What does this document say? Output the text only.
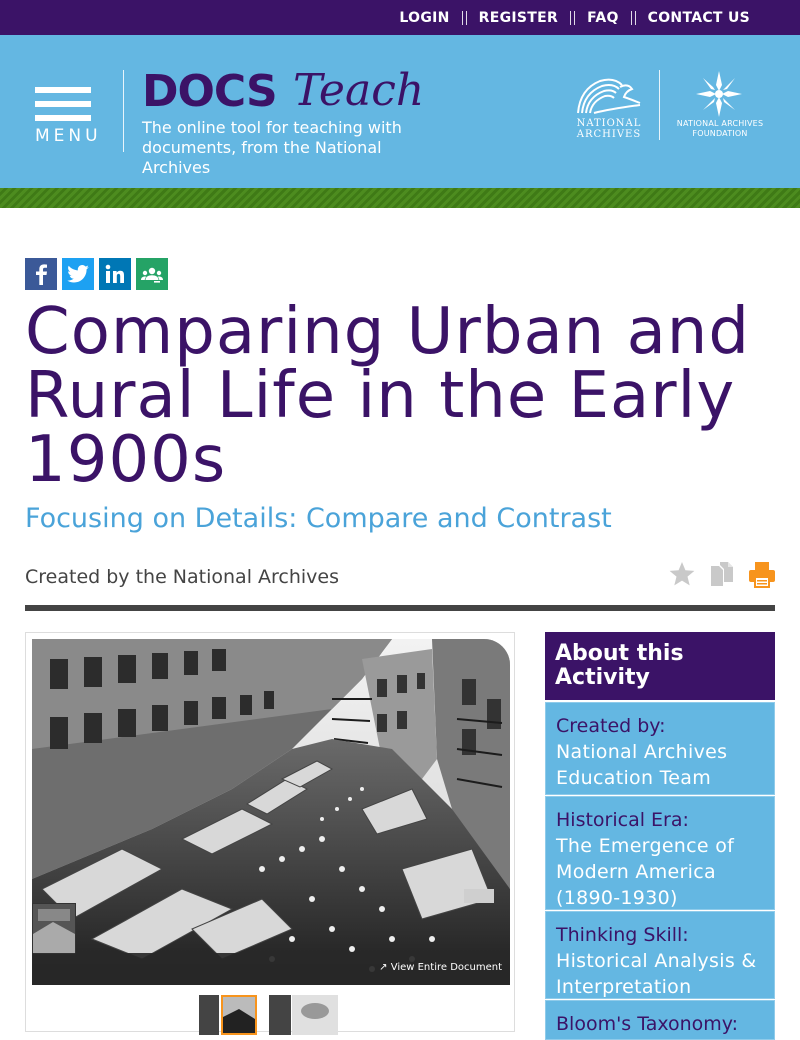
LOGIN REGISTER FAQ CONTACT US
MENU
DOCS Teach
The online tool for teaching with documents, from the National Archives
NATIONAL ARCHIVES
NATIONAL ARCHIVES FOUNDATION
Comparing Urban and Rural Life in the Early 1900s
Focusing on Details: Compare and Contrast
Created by the National Archives
↗ View Entire Document
About this Activity
Created by:
National Archives Education Team
Historical Era:
The Emergence of Modern America (1890-1930)
Thinking Skill:
Historical Analysis & Interpretation
Bloom's Taxonomy:
